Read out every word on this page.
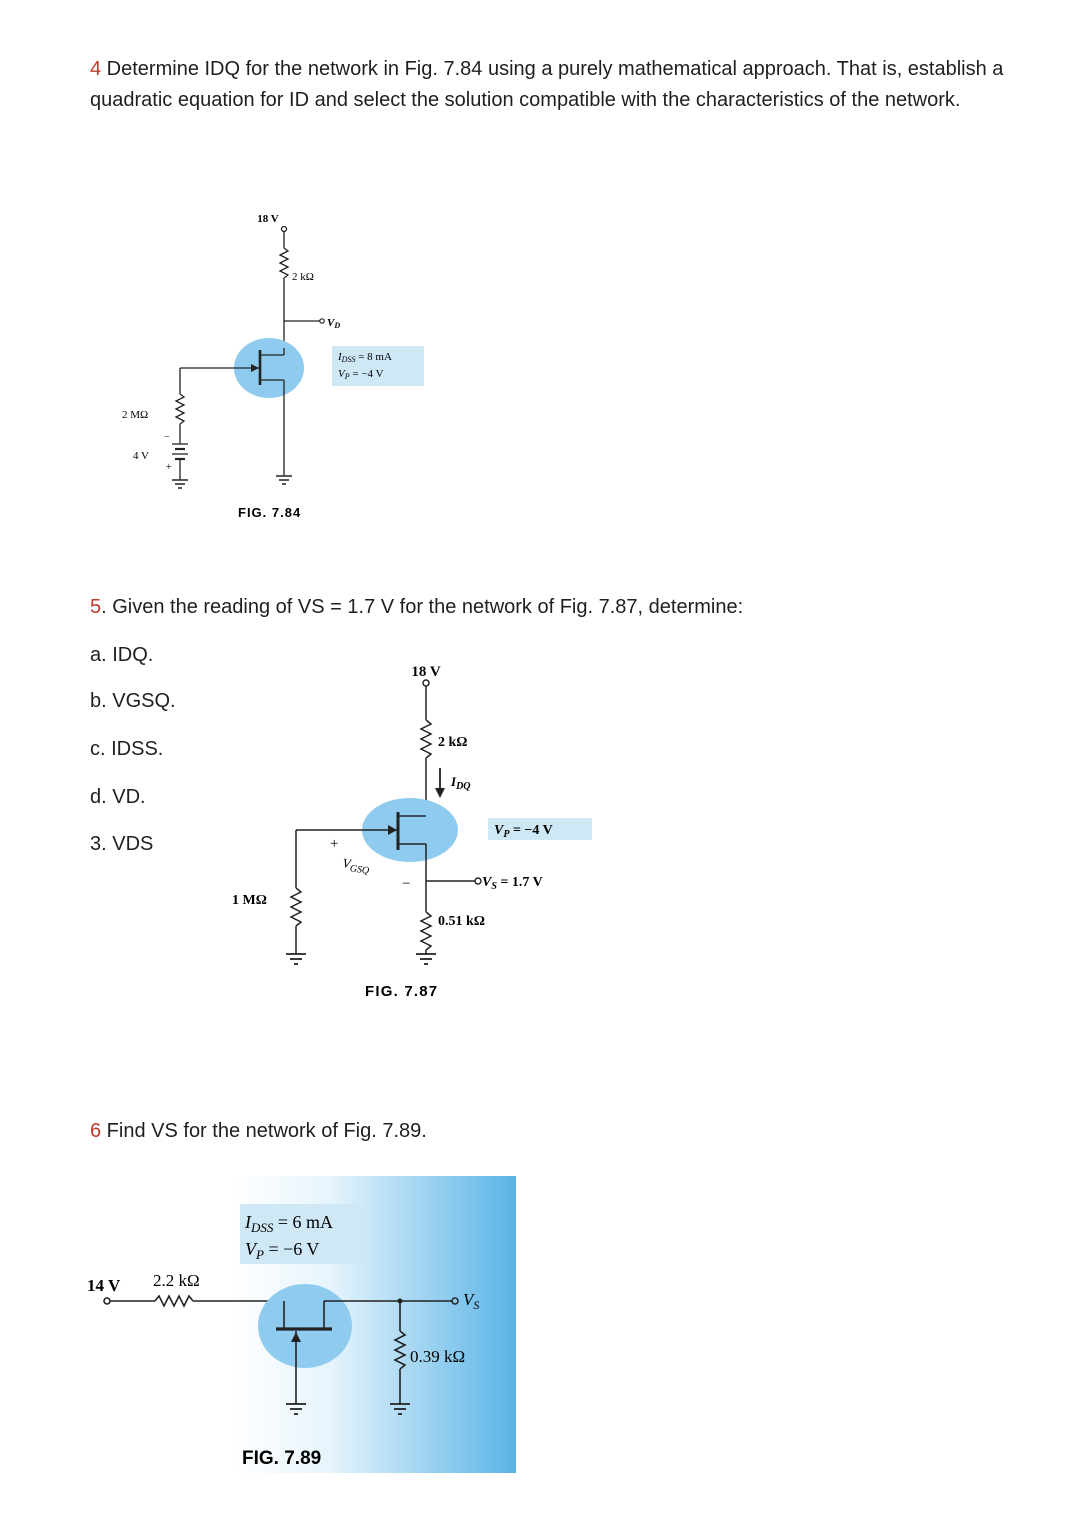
4 Determine IDQ for the network in Fig. 7.84 using a purely mathematical approach. That is, establish a quadratic equation for ID and select the solution compatible with the characteristics of the network.
18 V
2 kΩ
VD
IDSS = 8 mA
VP = −4 V
2 MΩ
−
4 V
+
FIG. 7.84
5. Given the reading of VS = 1.7 V for the network of Fig. 7.87, determine:
a. IDQ.
b. VGSQ.
c. IDSS.
d. VD.
3. VDS
18 V
2 kΩ
$I_{DQ}$
1 MΩ
+
$V_{GSQ}$
−	$V_S = 1.7$ V
0.51 kΩ
$V_P = -4$ V
FIG. 7.87
6 Find VS for the network of Fig. 7.89.
$I_{DSS} = 6$ mA
$V_P = -6$ V
14 V 2.2 kΩ
$V_S$
0.39 kΩ
FIG. 7.89
